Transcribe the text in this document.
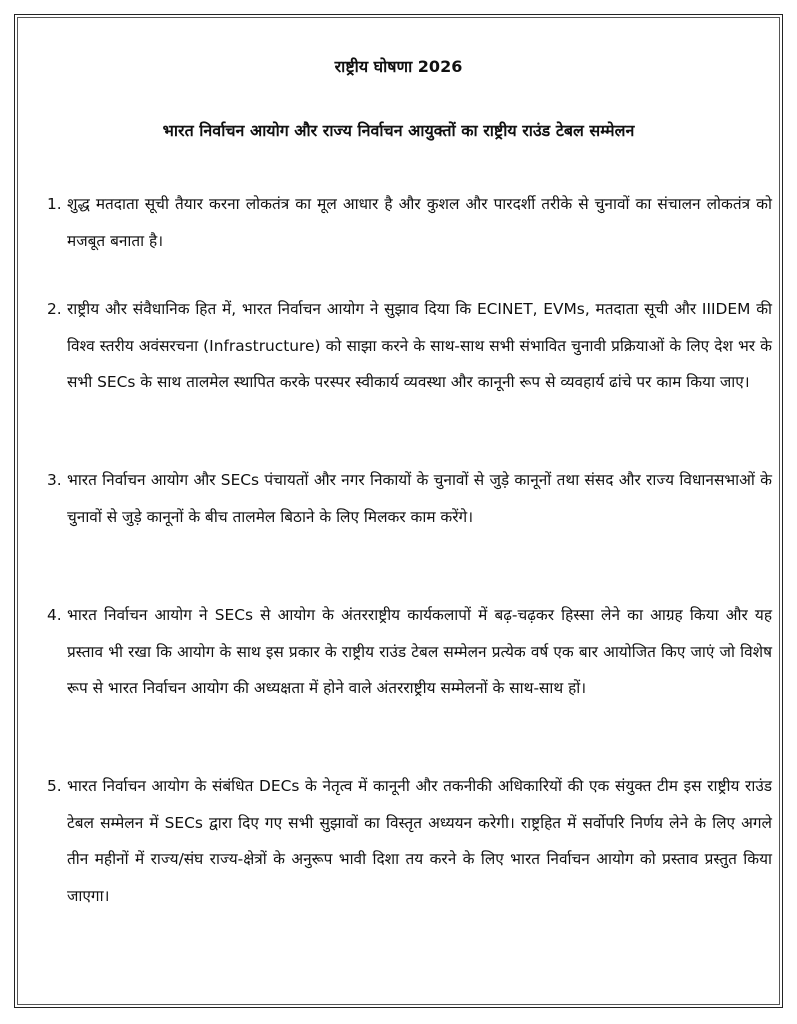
राष्ट्रीय घोषणा 2026
भारत निर्वाचन आयोग और राज्य निर्वाचन आयुक्तों का राष्ट्रीय राउंड टेबल सम्मेलन
1. शुद्ध मतदाता सूची तैयार करना लोकतंत्र का मूल आधार है और कुशल और पारदर्शी तरीके से चुनावों का संचालन लोकतंत्र को मजबूत बनाता है।
2. राष्ट्रीय और संवैधानिक हित में, भारत निर्वाचन आयोग ने सुझाव दिया कि ECINET, EVMs, मतदाता सूची और IIIDEM की विश्व स्तरीय अवंसरचना (Infrastructure) को साझा करने के साथ-साथ सभी संभावित चुनावी प्रक्रियाओं के लिए देश भर के सभी SECs के साथ तालमेल स्थापित करके परस्पर स्वीकार्य व्यवस्था और कानूनी रूप से व्यवहार्य ढांचे पर काम किया जाए।
3. भारत निर्वाचन आयोग और SECs पंचायतों और नगर निकायों के चुनावों से जुड़े कानूनों तथा संसद और राज्य विधानसभाओं के चुनावों से जुड़े कानूनों के बीच तालमेल बिठाने के लिए मिलकर काम करेंगे।
4. भारत निर्वाचन आयोग ने SECs से आयोग के अंतरराष्ट्रीय कार्यकलापों में बढ़-चढ़कर हिस्सा लेने का आग्रह किया और यह प्रस्ताव भी रखा कि आयोग के साथ इस प्रकार के राष्ट्रीय राउंड टेबल सम्मेलन प्रत्येक वर्ष एक बार आयोजित किए जाएं जो विशेष रूप से भारत निर्वाचन आयोग की अध्यक्षता में होने वाले अंतरराष्ट्रीय सम्मेलनों के साथ-साथ हों।
5. भारत निर्वाचन आयोग के संबंधित DECs के नेतृत्व में कानूनी और तकनीकी अधिकारियों की एक संयुक्त टीम इस राष्ट्रीय राउंड टेबल सम्मेलन में SECs द्वारा दिए गए सभी सुझावों का विस्तृत अध्ययन करेगी। राष्ट्रहित में सर्वोपरि निर्णय लेने के लिए अगले तीन महीनों में राज्य/संघ राज्य-क्षेत्रों के अनुरूप भावी दिशा तय करने के लिए भारत निर्वाचन आयोग को प्रस्ताव प्रस्तुत किया जाएगा।
